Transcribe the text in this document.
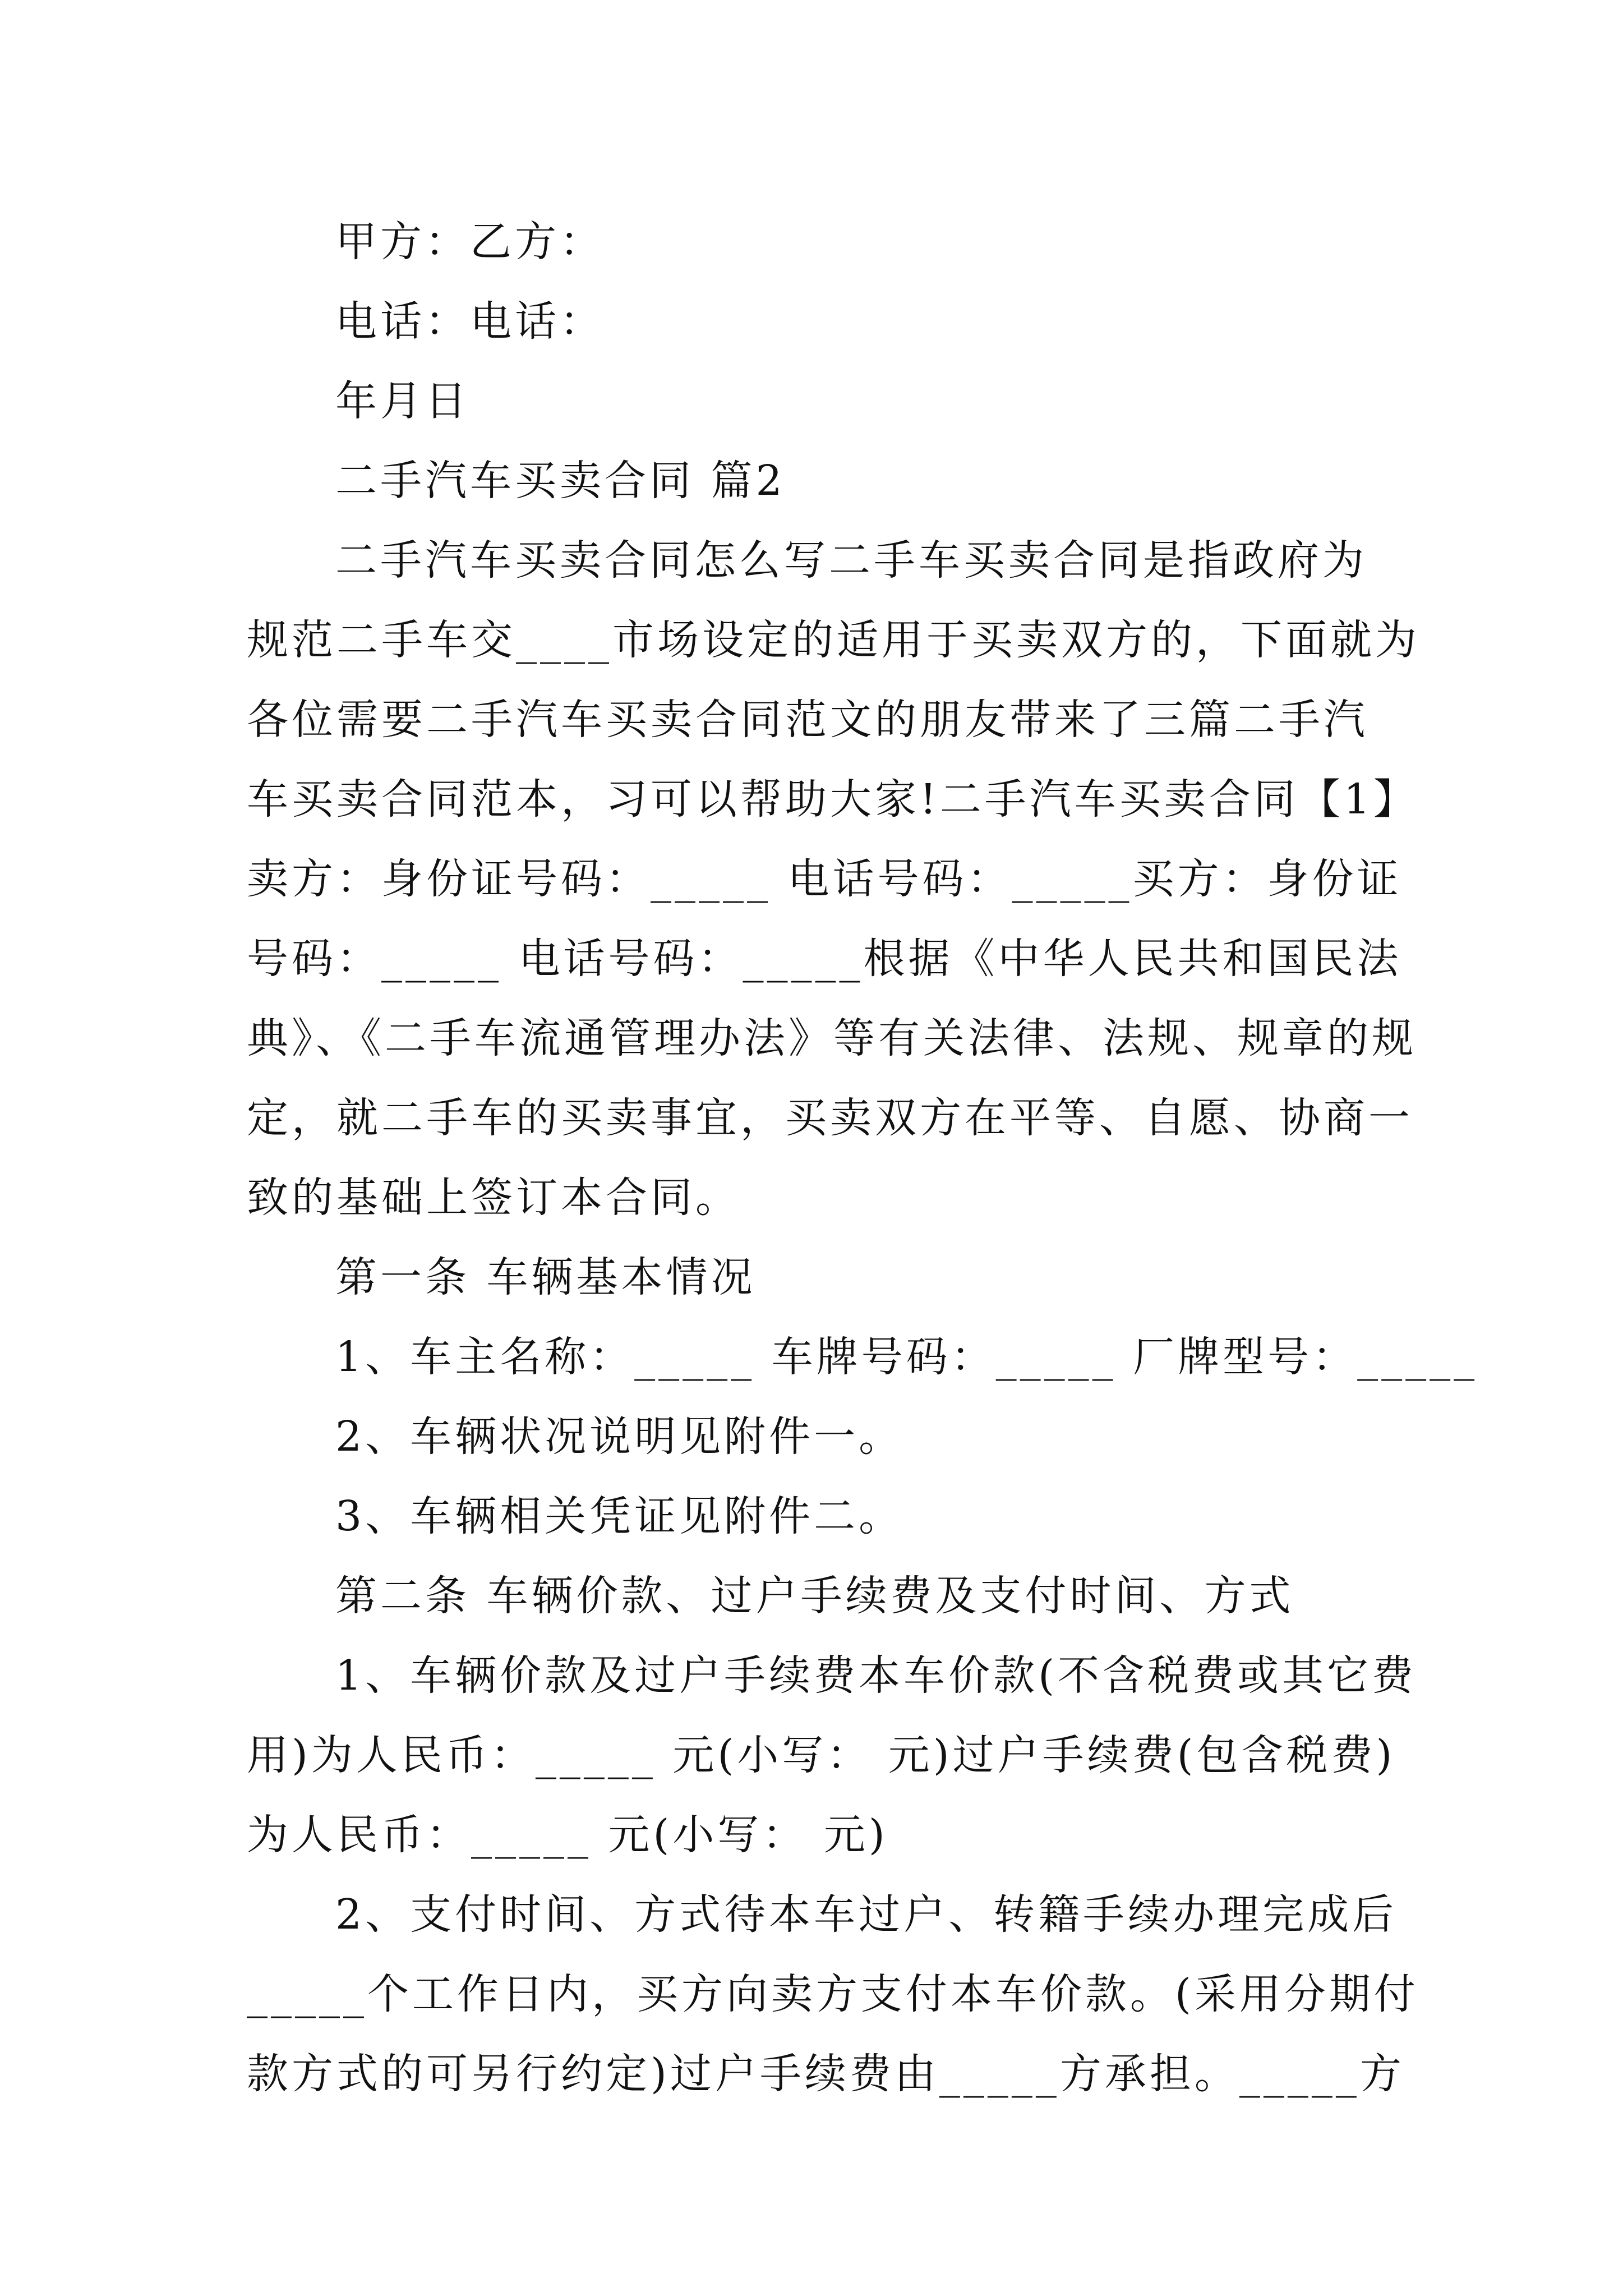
甲方：乙方：
电话：电话：
年月日
二手汽车买卖合同 篇2
二手汽车买卖合同怎么写二手车买卖合同是指政府为
规范二手车交____市场设定的适用于买卖双方的，下面就为
各位需要二手汽车买卖合同范文的朋友带来了三篇二手汽
车买卖合同范本，习可以帮助大家!二手汽车买卖合同【1】
卖方：身份证号码：_____ 电话号码：_____买方：身份证
号码：_____ 电话号码：_____根据《中华人民共和国民法
典》、《二手车流通管理办法》等有关法律、法规、规章的规
定，就二手车的买卖事宜，买卖双方在平等、自愿、协商一
致的基础上签订本合同。
第一条 车辆基本情况
1、车主名称：_____ 车牌号码：_____ 厂牌型号：_____
2、车辆状况说明见附件一。
3、车辆相关凭证见附件二。
第二条 车辆价款、过户手续费及支付时间、方式
1、车辆价款及过户手续费本车价款(不含税费或其它费
用)为人民币：_____ 元(小写： 元)过户手续费(包含税费)
为人民币：_____ 元(小写： 元)
2、支付时间、方式待本车过户、转籍手续办理完成后
_____个工作日内，买方向卖方支付本车价款。(采用分期付
款方式的可另行约定)过户手续费由_____方承担。_____方
